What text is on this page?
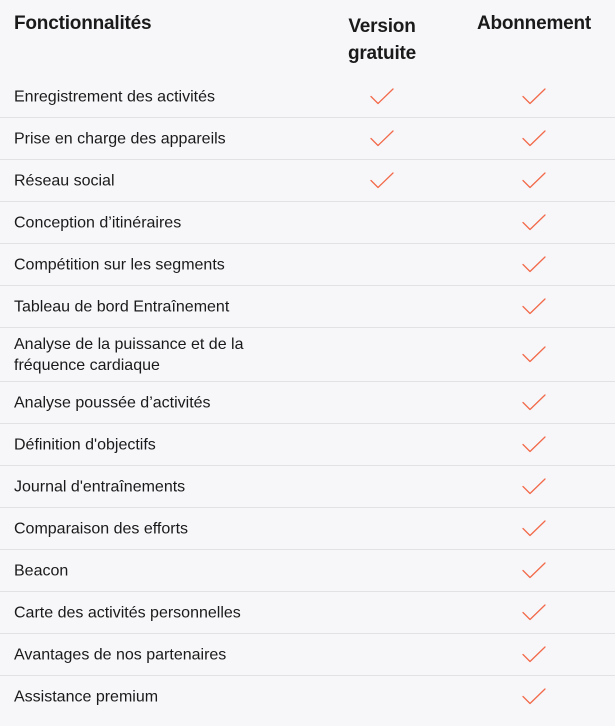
Fonctionnalités	Version gratuite
Abonnement
Enregistrement des activités
Prise en charge des appareils
Réseau social
Conception d’itinéraires
Compétition sur les segments
Tableau de bord Entraînement
Analyse de la puissance et de la fréquence cardiaque
Analyse poussée d’activités
Définition d'objectifs
Journal d'entraînements
Comparaison des efforts
Beacon
Carte des activités personnelles
Avantages de nos partenaires
Assistance premium
